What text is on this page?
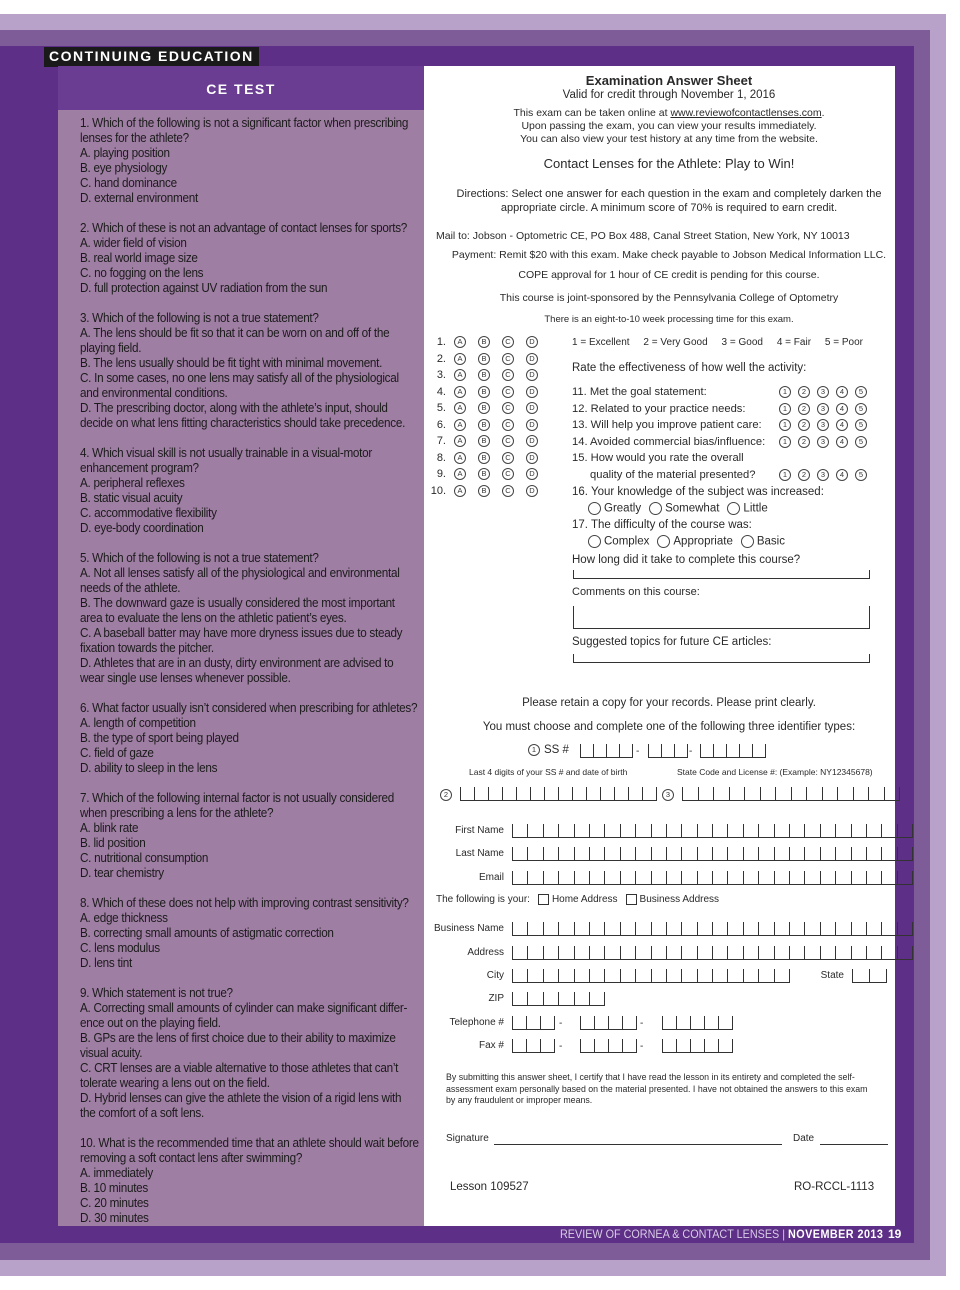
CONTINUING EDUCATION
CE TEST

1. Which of the following is not a significant factor when prescribing lenses for the athlete?

A. playing position

B. eye physiology

C. hand dominance

D. external environment

2. Which of these is not an advantage of contact lenses for sports?

A. wider field of vision

B. real world image size

C. no fogging on the lens

D. full protection against UV radiation from the sun

3. Which of the following is not a true statement?

A. The lens should be fit so that it can be worn on and off of the playing field.

B. The lens usually should be fit tight with minimal movement.

C. In some cases, no one lens may satisfy all of the physiological and environmental conditions.

D. The prescribing doctor, along with the athlete’s input, should decide on what lens fitting characteristics should take precedence.

4. Which visual skill is not usually trainable in a visual-motor enhancement program?

A. peripheral reflexes

B. static visual acuity

C. accommodative flexibility

D. eye-body coordination

5. Which of the following is not a true statement?

A. Not all lenses satisfy all of the physiological and environmental needs of the athlete.

B. The downward gaze is usually considered the most important area to evaluate the lens on the athletic patient’s eyes.

C. A baseball batter may have more dryness issues due to steady fixation towards the pitcher.

D. Athletes that are in an dusty, dirty environment are advised to wear single use lenses whenever possible.

6. What factor usually isn’t considered when prescribing for athletes?

A. length of competition

B. the type of sport being played

C. field of gaze

D. ability to sleep in the lens

7. Which of the following internal factor is not usually considered when prescribing a lens for the athlete?

A. blink rate

B. lid position

C. nutritional consumption

D. tear chemistry

8. Which of these does not help with improving contrast sensitivity?

A. edge thickness

B. correcting small amounts of astigmatic correction

C. lens modulus

D. lens tint

9. Which statement is not true?

A. Correcting small amounts of cylinder can make significant differ- ence out on the playing field.

B. GPs are the lens of first choice due to their ability to maximize visual acuity.

C. CRT lenses are a viable alternative to those athletes that can’t tolerate wearing a lens out on the field.

D. Hybrid lenses can give the athlete the vision of a rigid lens with the comfort of a soft lens.

10. What is the recommended time that an athlete should wait before removing a soft contact lens after swimming?

A. immediately

B. 10 minutes

C. 20 minutes

D. 30 minutes

Examination Answer Sheet
Valid for credit through November 1, 2016
This exam can be taken online at www.reviewofcontactlenses.com.
Upon passing the exam, you can view your results immediately.
You can also view your test history at any time from the website.
Contact Lenses for the Athlete: Play to Win!
Directions: Select one answer for each question in the exam and completely darken the appropriate circle. A minimum score of 70% is required to earn credit.
Mail to: Jobson - Optometric CE, PO Box 488, Canal Street Station, New York, NY 10013
Payment: Remit $20 with this exam. Make check payable to Jobson Medical Information LLC.
COPE approval for 1 hour of CE credit is pending for this course.
This course is joint-sponsored by the Pennsylvania College of Optometry
There is an eight-to-10 week processing time for this exam.
1. A	B	C D
2. A	B	C D
3. A	B	C D
4. A	B	C D
5. A	B	C D
6. A	B	C D
7. A	B	C D
8. A	B	C D
9. A	B	C D
10. A	B	C D
1 = Excellent     2 = Very Good     3 = Good     4 = Fair     5 = Poor
Rate the effectiveness of how well the activity:
11. Met the goal statement:	1 2 3 4 5
12. Related to your practice needs:	1 2 3 4 5
13. Will help you improve patient care:	1 2 3 4 5
14. Avoided commercial bias/influence:	1 2 3 4 5
15. How would you rate the overall
quality of the material presented?	1 2 3 4 5
16. Your knowledge of the subject was increased:
Greatly Somewhat Little
17. The difficulty of the course was:
Complex Appropriate Basic
How long did it take to complete this course?
Comments on this course:
Suggested topics for future CE articles:
Please retain a copy for your records. Please print clearly.
You must choose and complete one of the following three identifier types:
1 SS #	-	-
Last 4 digits of your SS # and date of birth	State Code and License #: (Example: NY12345678)
2	3
First Name
Last Name
Email
Business Name
Address
City
ZIP
State
Telephone #	-	-
Fax #	-	-
The following is your: Home Address Business Address
By submitting this answer sheet, I certify that I have read the lesson in its entirety and completed the self-assessment exam personally based on the material presented. I have not obtained the answers to this exam by any fraudulent or improper means.
Signature	Date
Lesson 109527	RO-RCCL-1113
REVIEW OF CORNEA & CONTACT LENSES | NOVEMBER 2013 19
